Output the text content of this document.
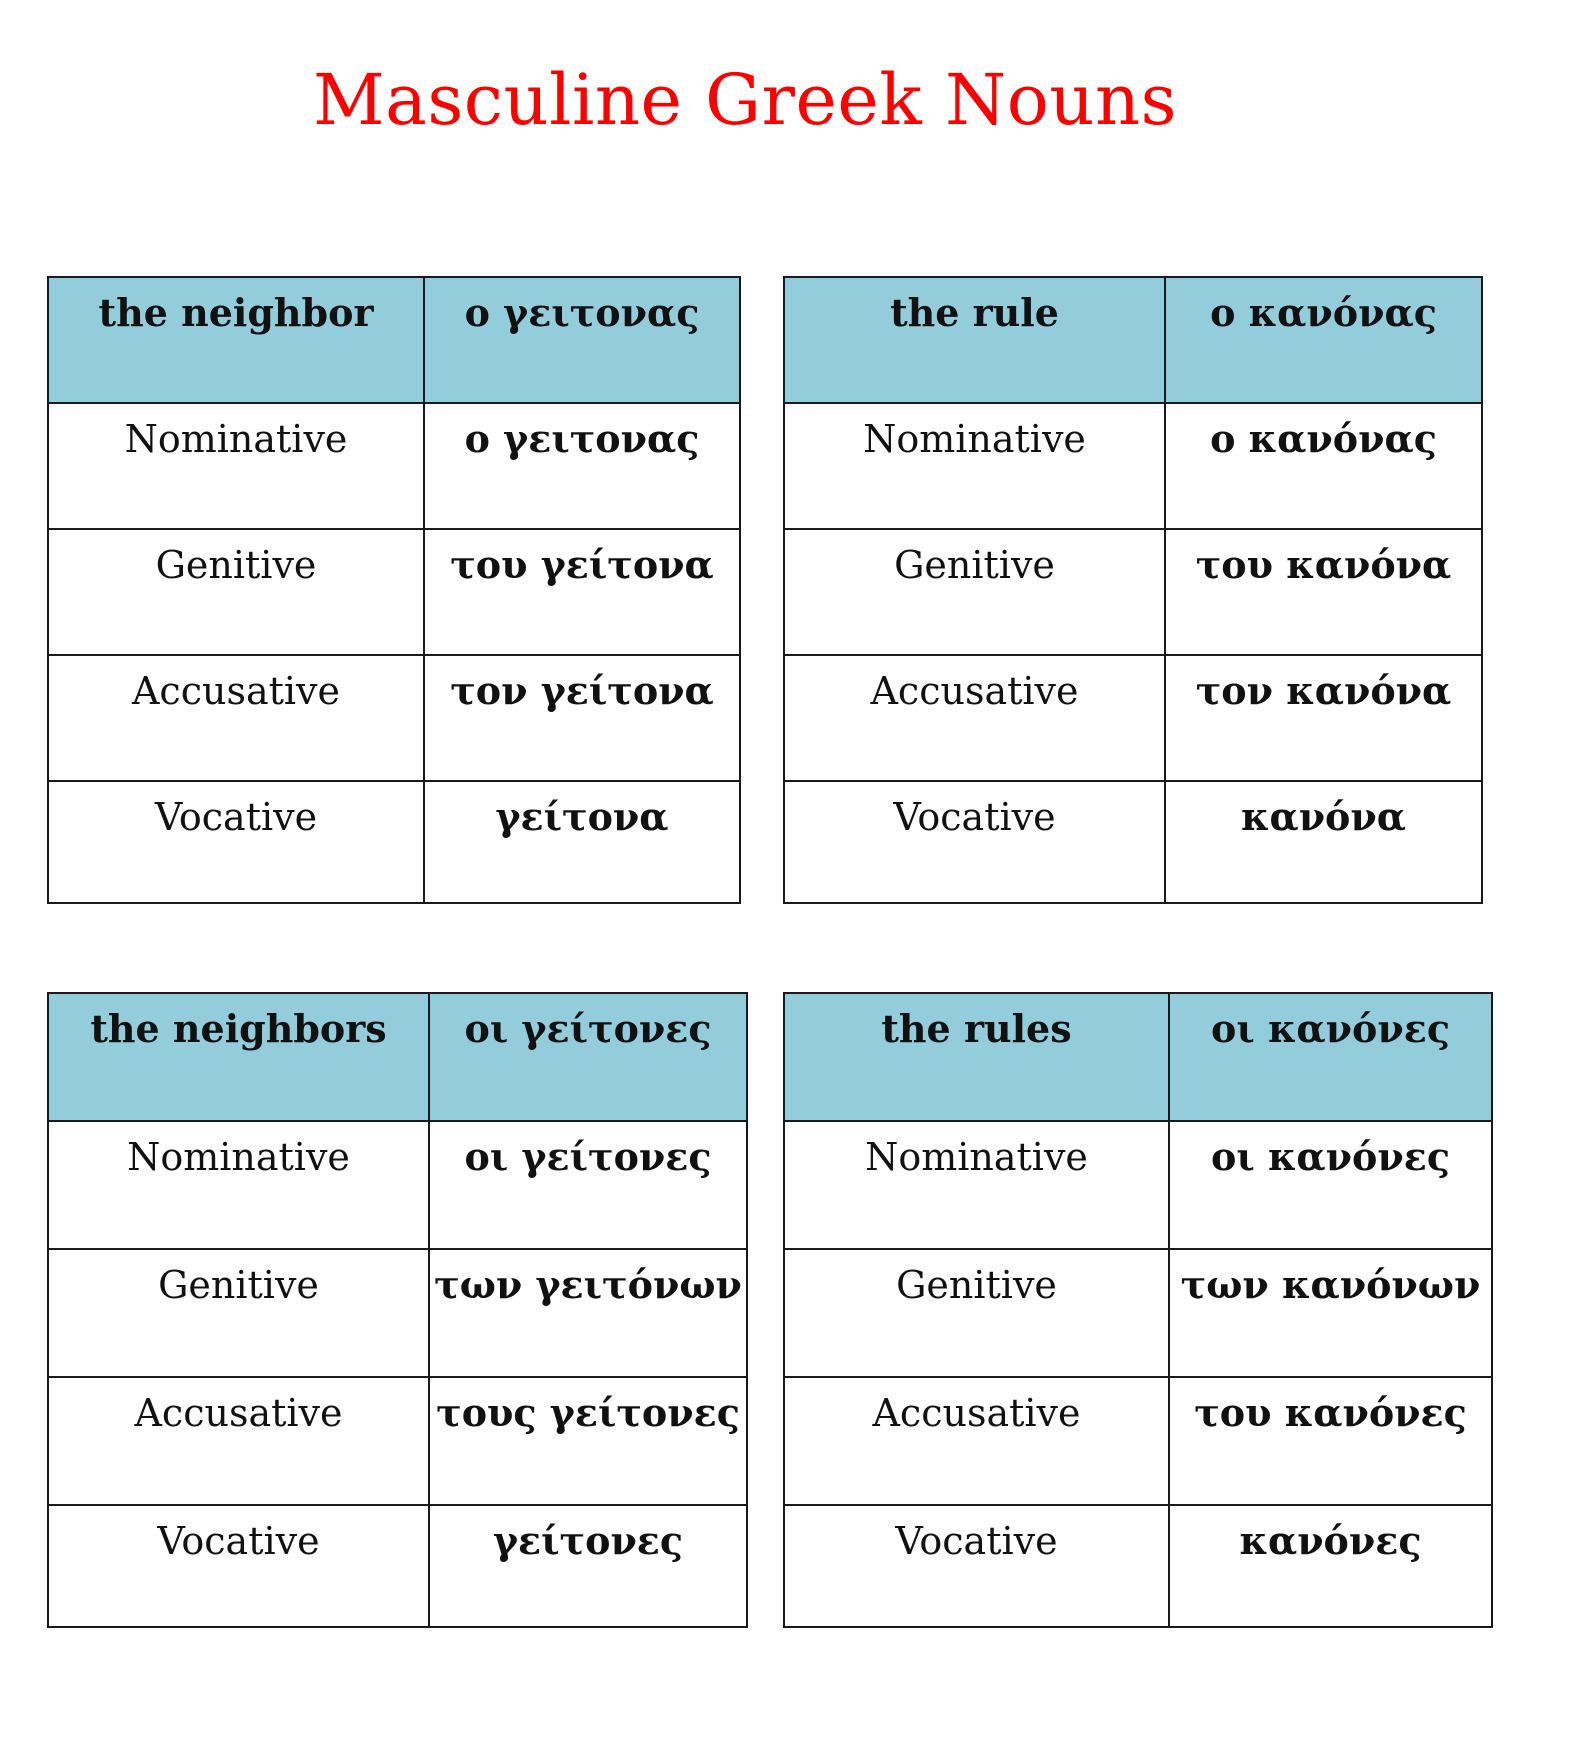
Masculine Greek Nouns
the neighbor	ο γειτονας
Nominative	ο γειτονας
Genitive	του γείτονα
Accusative	τον γείτονα
Vocative	γείτονα
the rule	ο κανόνας
Nominative	ο κανόνας
Genitive	του κανόνα
Accusative	τον κανόνα
Vocative	κανόνα
the neighbors	οι γείτονες
Nominative	οι γείτονες
Genitive	των γειτόνων
Accusative	τους γείτονες
Vocative	γείτονες
the rules	οι κανόνες
Nominative	οι κανόνες
Genitive	των κανόνων
Accusative	του κανόνες
Vocative	κανόνες
